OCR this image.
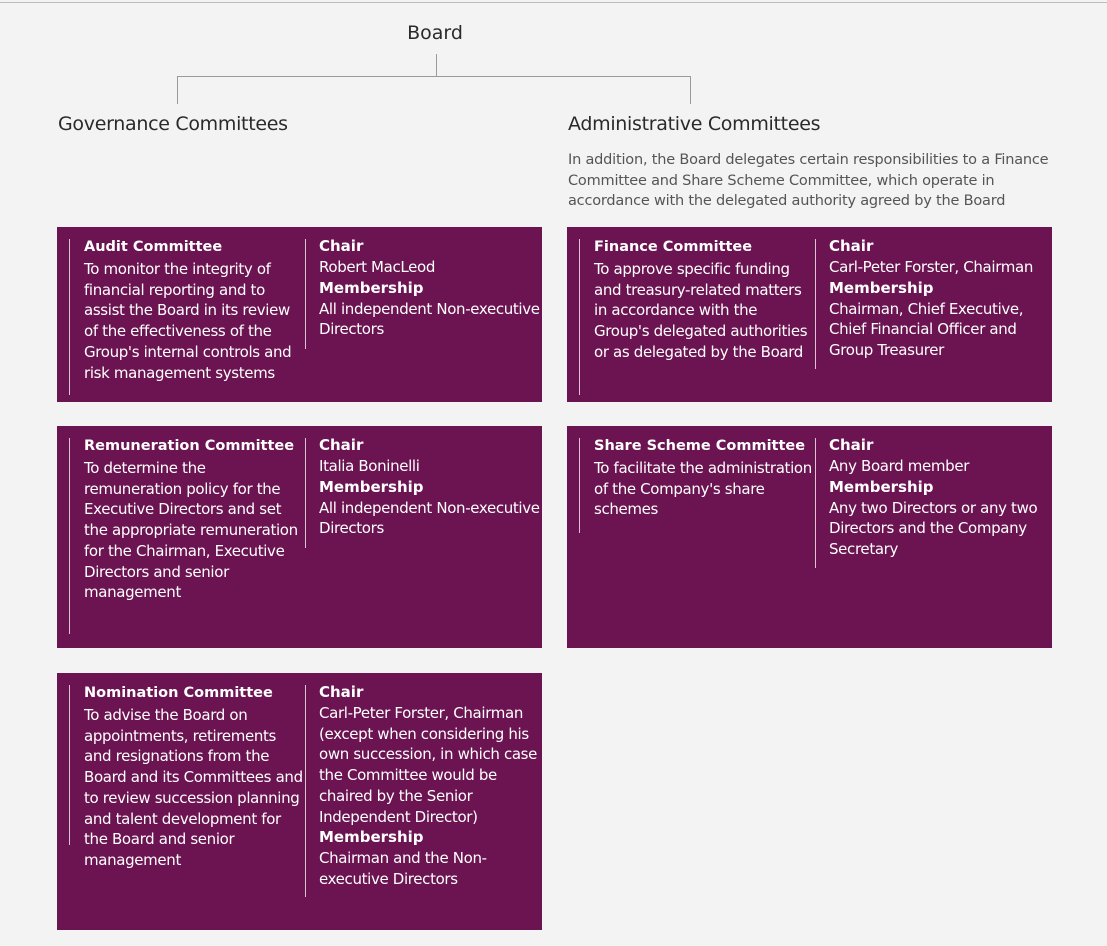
Board
Governance Committees	Administrative Committees
In addition, the Board delegates certain responsibilities to a Finance Committee and Share Scheme Committee, which operate in accordance with the delegated authority agreed by the Board
Audit Committee
To monitor the integrity of financial reporting and to assist the Board in its review of the effectiveness of the Group's internal controls and risk management systems
Chair
Robert MacLeod
Membership
All independent Non-executive Directors
Remuneration Committee
To determine the remuneration policy for the Executive Directors and set the appropriate remuneration for the Chairman, Executive Directors and senior management
Chair
Italia Boninelli
Membership
All independent Non-executive Directors
Nomination Committee
To advise the Board on appointments, retirements and resignations from the Board and its Committees and to review succession planning and talent development for the Board and senior management
Chair
Carl-Peter Forster, Chairman (except when considering his own succession, in which case the Committee would be chaired by the Senior Independent Director)
Membership
Chairman and the Non-executive Directors
Finance Committee
To approve specific funding and treasury-related matters in accordance with the Group's delegated authorities or as delegated by the Board
Chair
Carl-Peter Forster, Chairman
Membership
Chairman, Chief Executive, Chief Financial Officer and Group Treasurer
Share Scheme Committee
To facilitate the administration of the Company's share schemes
Chair
Any Board member
Membership
Any two Directors or any two Directors and the Company Secretary
